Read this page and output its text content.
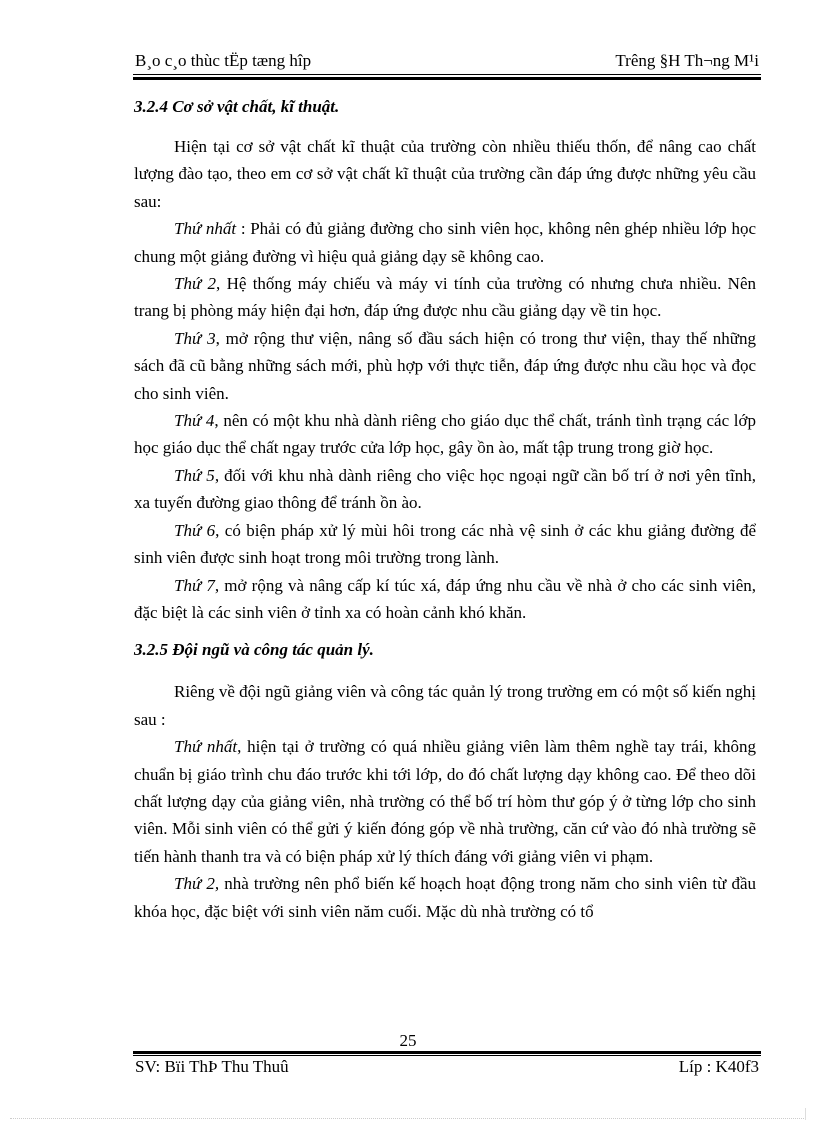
B¸o c¸o thùc tËp tæng hîp	Trêng §H Th¬ng M¹i

3.2.4 Cơ sở vật chất, kĩ thuật.

Hiện tại cơ sở vật chất kĩ thuật của trường còn nhiều thiếu thốn, để nâng cao chất lượng đào tạo, theo em cơ sở vật chất kĩ thuật của trường cần đáp ứng được những yêu cầu sau:

Thứ nhất : Phải có đủ giảng đường cho sinh viên học, không nên ghép nhiều lớp học chung một giảng đường vì hiệu quả giảng dạy sẽ không cao.

Thứ 2, Hệ thống máy chiếu và máy vi tính của trường có nhưng chưa nhiều. Nên trang bị phòng máy hiện đại hơn, đáp ứng được nhu cầu giảng dạy về tin học.

Thứ 3, mở rộng thư viện, nâng số đầu sách hiện có trong thư viện, thay thế những sách đã cũ bằng những sách mới, phù hợp với thực tiễn, đáp ứng được nhu cầu học và đọc cho sinh viên.

Thứ 4, nên có một khu nhà dành riêng cho giáo dục thể chất, tránh tình trạng các lớp học giáo dục thể chất ngay trước cửa lớp học, gây ồn ào, mất tập trung trong giờ học.

Thứ 5, đối với khu nhà dành riêng cho việc học ngoại ngữ cần bố trí ở nơi yên tĩnh, xa tuyến đường giao thông để tránh ồn ào.

Thứ 6, có biện pháp xử lý mùi hôi trong các nhà vệ sinh ở các khu giảng đường để sinh viên được sinh hoạt trong môi trường trong lành.

Thứ 7, mở rộng và nâng cấp kí túc xá, đáp ứng nhu cầu về nhà ở cho các sinh viên, đặc biệt là các sinh viên ở tỉnh xa có hoàn cảnh khó khăn.

3.2.5 Đội ngũ và công tác quản lý.

Riêng về đội ngũ giảng viên và công tác quản lý trong trường em có một số kiến nghị sau :

Thứ nhất, hiện tại ở trường có quá nhiều giảng viên làm thêm nghề tay trái, không chuẩn bị giáo trình chu đáo trước khi tới lớp, do đó chất lượng dạy không cao. Để theo dõi chất lượng dạy của giảng viên, nhà trường có thể bố trí hòm thư góp ý ở từng lớp cho sinh viên. Mỗi sinh viên có thể gửi ý kiến đóng góp về nhà trường, căn cứ vào đó nhà trường sẽ tiến hành thanh tra và có biện pháp xử lý thích đáng với giảng viên vi phạm.

Thứ 2, nhà trường nên phổ biến kế hoạch hoạt động trong năm cho sinh viên từ đầu khóa học, đặc biệt với sinh viên năm cuối. Mặc dù nhà trường có tổ

25
SV: Bïi ThÞ Thu Thuû	Líp : K40f3
